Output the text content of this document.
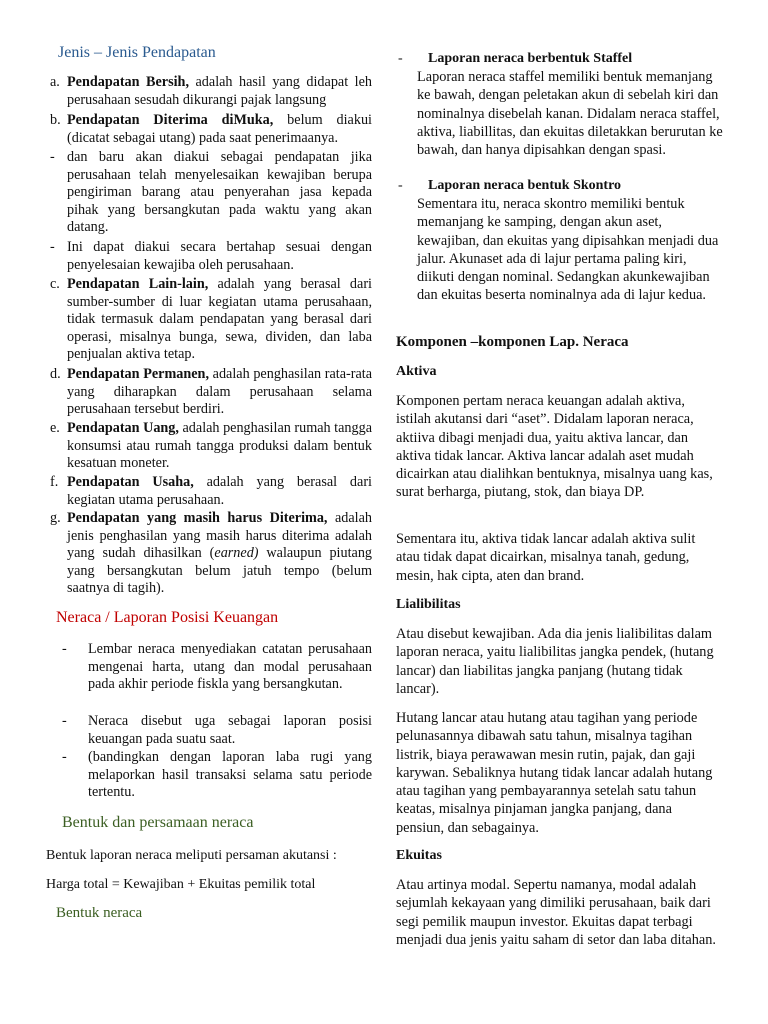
Jenis – Jenis Pendapatan
a. Pendapatan Bersih, adalah hasil yang didapat leh perusahaan sesudah dikurangi pajak langsung

b. Pendapatan Diterima diMuka, belum diakui (dicatat sebagai utang) pada saat penerimaanya.

- dan baru akan diakui sebagai pendapatan jika perusahaan telah menyelesaikan kewajiban berupa pengiriman barang atau penyerahan jasa kepada pihak yang bersangkutan pada waktu yang akan datang.

- Ini dapat diakui secara bertahap sesuai dengan penyelesaian kewajiba oleh perusahaan.

c. Pendapatan Lain-lain, adalah yang berasal dari sumber-sumber di luar kegiatan utama perusahaan, tidak termasuk dalam pendapatan yang berasal dari operasi, misalnya bunga, sewa, dividen, dan laba penjualan aktiva tetap.

d. Pendapatan Permanen, adalah penghasilan rata-rata yang diharapkan dalam perusahaan selama perusahaan tersebut berdiri.

e. Pendapatan Uang, adalah penghasilan rumah tangga konsumsi atau rumah tangga produksi dalam bentuk kesatuan moneter.

f. Pendapatan Usaha, adalah yang berasal dari kegiatan utama perusahaan.

g. Pendapatan yang masih harus Diterima, adalah jenis penghasilan yang masih harus diterima adalah yang sudah dihasilkan (earned) walaupun piutang yang bersangkutan belum jatuh tempo (belum saatnya di tagih).

Neraca / Laporan Posisi Keuangan
-	Lembar neraca menyediakan catatan perusahaan mengenai harta, utang dan modal perusahaan pada akhir periode fiskla yang bersangkutan.

-	Neraca disebut uga sebagai laporan posisi keuangan pada suatu saat.

-	(bandingkan dengan laporan laba rugi yang melaporkan hasil transaksi selama satu periode tertentu.

Bentuk dan persamaan neraca
Bentuk laporan neraca meliputi persaman akutansi :
Harga total = Kewajiban + Ekuitas pemilik total
Bentuk neraca
- Laporan neraca berbentuk Staffel
Laporan neraca staffel memiliki bentuk memanjang ke bawah, dengan peletakan akun di sebelah kiri dan nominalnya disebelah kanan. Didalam neraca staffel, aktiva, liabillitas, dan ekuitas diletakkan berurutan ke bawah, dan hanya dipisahkan dengan spasi.
- Laporan neraca bentuk Skontro
Sementara itu, neraca skontro memiliki bentuk memanjang ke samping, dengan akun aset, kewajiban, dan ekuitas yang dipisahkan menjadi dua jalur. Akunaset ada di lajur pertama paling kiri, diikuti dengan nominal. Sedangkan akunkewajiban dan ekuitas beserta nominalnya ada di lajur kedua.
Komponen –komponen Lap. Neraca
Aktiva
Komponen pertam neraca keuangan adalah aktiva, istilah akutansi dari “aset”. Didalam laporan neraca, aktiiva dibagi menjadi dua, yaitu aktiva lancar, dan aktiva tidak lancar. Aktiva lancar adalah aset mudah dicairkan atau dialihkan bentuknya, misalnya uang kas, surat berharga, piutang, stok, dan biaya DP.
Sementara itu, aktiva tidak lancar adalah aktiva sulit atau tidak dapat dicairkan, misalnya tanah, gedung, mesin, hak cipta, aten dan brand.
Lialibilitas
Atau disebut kewajiban. Ada dia jenis lialibilitas dalam laporan neraca, yaitu lialibilitas jangka pendek, (hutang lancar) dan liabilitas jangka panjang (hutang tidak lancar).
Hutang lancar atau hutang atau tagihan yang periode pelunasannya dibawah satu tahun, misalnya tagihan listrik, biaya perawawan mesin rutin, pajak, dan gaji karywan. Sebaliknya hutang tidak lancar adalah hutang atau tagihan yang pembayarannya setelah satu tahun keatas, misalnya pinjaman jangka panjang, dana pensiun, dan sebagainya.
Ekuitas
Atau artinya modal. Sepertu namanya, modal adalah sejumlah kekayaan yang dimiliki perusahaan, baik dari segi pemilik maupun investor. Ekuitas dapat terbagi menjadi dua jenis yaitu saham di setor dan laba ditahan.
